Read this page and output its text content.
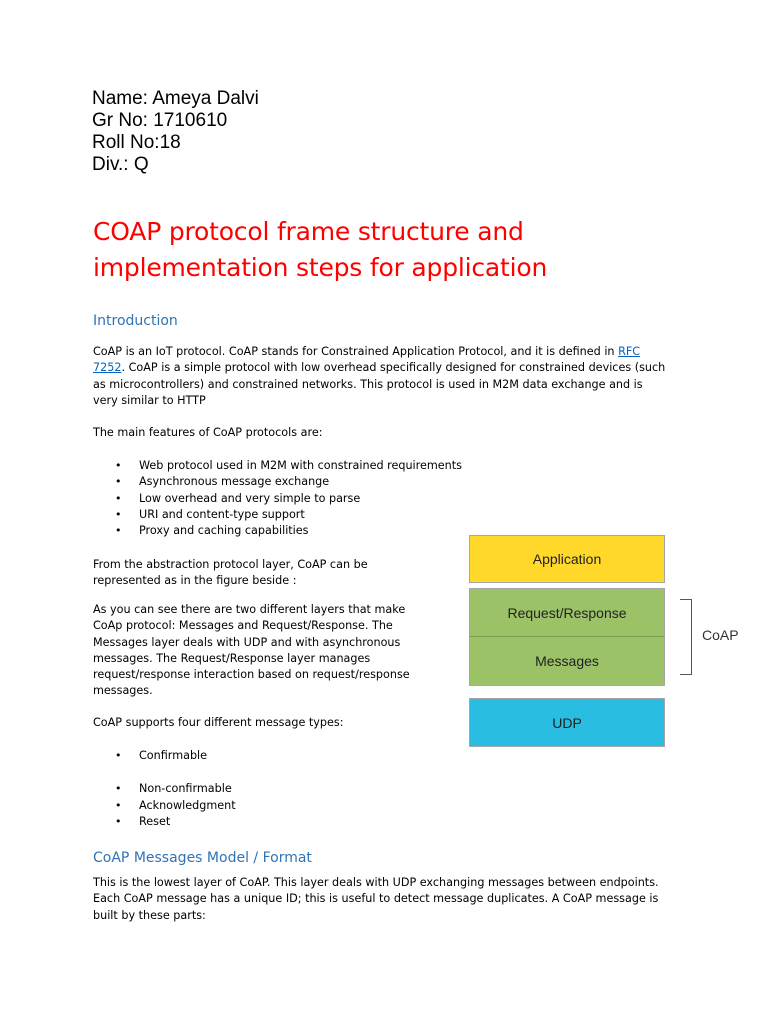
Name: Ameya Dalvi
Gr No: 1710610
Roll No:18
Div.: Q
COAP protocol frame structure and
implementation steps for application
Introduction
CoAP is an IoT protocol. CoAP stands for Constrained Application Protocol, and it is defined in RFC 7252. CoAP is a simple protocol with low overhead specifically designed for constrained devices (such as microcontrollers) and constrained networks. This protocol is used in M2M data exchange and is very similar to HTTP
The main features of CoAP protocols are:
• Web protocol used in M2M with constrained requirements
• Asynchronous message exchange
• Low overhead and very simple to parse
• URI and content-type support
• Proxy and caching capabilities
From the abstraction protocol layer, CoAP can be represented as in the figure beside :
As you can see there are two different layers that make CoAp protocol: Messages and Request/Response. The Messages layer deals with UDP and with asynchronous messages. The Request/Response layer manages request/response interaction based on request/response messages.
CoAP supports four different message types:
• Confirmable
• Non-confirmable
• Acknowledgment
• Reset
Application
Request/Response
Messages
UDP
CoAP
CoAP Messages Model / Format
This is the lowest layer of CoAP. This layer deals with UDP exchanging messages between endpoints. Each CoAP message has a unique ID; this is useful to detect message duplicates. A CoAP message is built by these parts:
